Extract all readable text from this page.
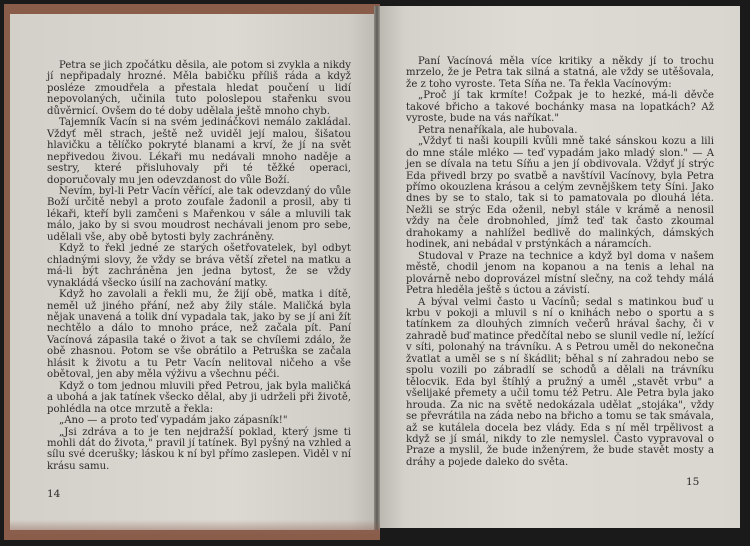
Petra se jich zpočátku děsila, ale potom si zvykla a nikdy jí nepřipadaly hrozné. Měla babičku příliš ráda a když posléze zmoudřela a přestala hledat poučení u lidí nepovolaných, učinila tuto poloslepou stařenku svou důvěrnicí. Ovšem do té doby udělala ještě mnoho chyb.

Tajemník Vacín si na svém jedináčkovi nemálo zakládal. Vždyť měl strach, ještě než uviděl její malou, šišatou hlavičku a tělíčko pokryté blanami a krví, že jí na svět nepřivedou živou. Lékaři mu nedávali mnoho naděje a sestry, které přisluhovaly při té těžké operaci, doporučovaly mu jen odevzdanost do vůle Boží.

Nevím, byl-li Petr Vacín věřící, ale tak odevzdaný do vůle Boží určitě nebyl a proto zoufale žadonil a prosil, aby ti lékaři, kteří byli zamčeni s Mařenkou v sále a mluvili tak málo, jako by si svou moudrost nechávali jenom pro sebe, udělali vše, aby obě bytosti byly zachráněny.

Když to řekl jedné ze starých ošetřovatelek, byl odbyt chladnými slovy, že vždy se bráva větší zřetel na matku a má-li být zachráněna jen jedna bytost, že se vždy vynakládá všecko úsilí na zachování matky.

Když ho zavolali a řekli mu, že žijí obě, matka i dítě, neměl už jiného přání, než aby žily stále. Maličká byla nějak unavená a tolik dní vypadala tak, jako by se jí ani žít nechtělo a dálo to mnoho práce, než začala pít. Paní Vacínová zápasila také o život a tak se chvílemi zdálo, že obě zhasnou. Potom se vše obrátilo a Petruška se začala hlásit k životu a tu Petr Vacín nelitoval ničeho a vše obětoval, jen aby měla výživu a všechnu péči.

Když o tom jednou mluvili před Petrou, jak byla maličká a ubohá a jak tatínek všecko dělal, aby ji udrželi při životě, pohlédla na otce mrzutě a řekla:

„Ano — a proto teď vypadám jako zápasník!"

„Jsi zdráva a to je ten nejdražší poklad, který jsme ti mohli dát do života," pravil jí tatínek. Byl pyšný na vzhled a sílu své dcerušky; láskou k ní byl přímo zaslepen. Viděl v ní krásu samu.

14

Paní Vacínová měla více kritiky a někdy jí to trochu mrzelo, že je Petra tak silná a statná, ale vždy se utěšovala, že z toho vyroste. Teta Síňa ne. Ta řekla Vacínovým:

„Proč jí tak krmíte! Cožpak je to hezké, má-li děvče takové břicho a takové bochánky masa na lopatkách? Až vyroste, bude na vás naříkat."

Petra nenaříkala, ale hubovala.

„Vždyť ti naši koupili kvůli mně také sánskou kozu a lili do mne stále mléko — teď vypadám jako mladý slon." — A jen se dívala na tetu Síňu a jen jí obdivovala. Vždyť jí strýc Eda přivedl brzy po svatbě a navštívil Vacínovy, byla Petra přímo okouzlena krásou a celým zevnějškem tety Síni. Jako dnes by se to stalo, tak si to pamatovala po dlouhá léta. Nežli se strýc Eda oženil, nebyl stále v krámě a nenosil vždy na čele drobnohled, jímž teď tak často zkoumal drahokamy a nahlížel bedlivě do malinkých, dámských hodinek, ani nebádal v prstýnkách a náramcích.

Studoval v Praze na technice a když byl doma v našem městě, chodil jenom na kopanou a na tenis a lehal na plovárně nebo doprovázel místní slečny, na což tehdy málá Petra hleděla ještě s úctou a závistí.

A býval velmi často u Vacínů; sedal s matinkou buď u krbu v pokoji a mluvil s ní o knihách nebo o sportu a s tatínkem za dlouhých zimních večerů hrával šachy, či v zahradě buď matince předčítal nebo se slunil vedle ní, ležící v síti, polonahý na trávníku. A s Petrou uměl do nekonečna žvatlat a uměl se s ní škádlit; běhal s ní zahradou nebo se spolu vozili po zábradlí se schodů a dělali na trávníku tělocvik. Eda byl štíhlý a pružný a uměl „stavět vrbu" a všelijaké přemety a učil tomu též Petru. Ale Petra byla jako hrouda. Za nic na světě nedokázala udělat „stojáka", vždy se převrátila na záda nebo na břicho a tomu se tak smávala, až se kutálela docela bez vlády. Eda s ní měl trpělivost a když se jí smál, nikdy to zle nemyslel. Často vypravoval o Praze a myslil, že bude inženýrem, že bude stavět mosty a dráhy a pojede daleko do světa.

15
